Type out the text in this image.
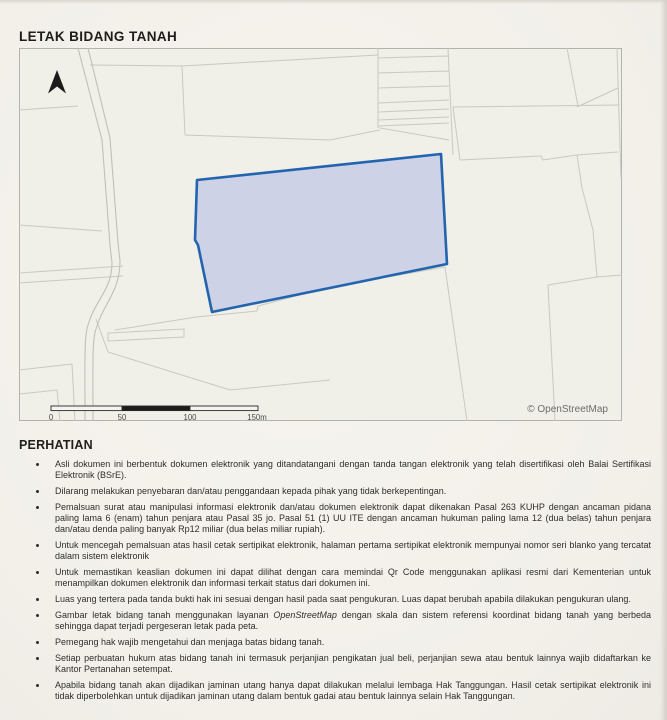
LETAK BIDANG TANAH
0	50	100	150m
© OpenStreetMap
PERHATIAN
Asli dokumen ini berbentuk dokumen elektronik yang ditandatangani dengan tanda tangan elektronik yang telah disertifikasi oleh Balai Sertifikasi Elektronik (BSrE).
Dilarang melakukan penyebaran dan/atau penggandaan kepada pihak yang tidak berkepentingan.
Pemalsuan surat atau manipulasi informasi elektronik dan/atau dokumen elektronik dapat dikenakan Pasal 263 KUHP dengan ancaman pidana paling lama 6 (enam) tahun penjara atau Pasal 35 jo. Pasal 51 (1) UU ITE dengan ancaman hukuman paling lama 12 (dua belas) tahun penjara dan/atau denda paling banyak Rp12 miliar (dua belas miliar rupiah).
Untuk mencegah pemalsuan atas hasil cetak sertipikat elektronik, halaman pertama sertipikat elektronik mempunyai nomor seri blanko yang tercatat dalam sistem elektronik
Untuk memastikan keaslian dokumen ini dapat dilihat dengan cara memindai Qr Code menggunakan aplikasi resmi dari Kementerian untuk menampilkan dokumen elektronik dan informasi terkait status dari dokumen ini.
Luas yang tertera pada tanda bukti hak ini sesuai dengan hasil pada saat pengukuran. Luas dapat berubah apabila dilakukan pengukuran ulang.
Gambar letak bidang tanah menggunakan layanan OpenStreetMap dengan skala dan sistem referensi koordinat bidang tanah yang berbeda sehingga dapat terjadi pergeseran letak pada peta.
Pemegang hak wajib mengetahui dan menjaga batas bidang tanah.
Setiap perbuatan hukum atas bidang tanah ini termasuk perjanjian pengikatan jual beli, perjanjian sewa atau bentuk lainnya wajib didaftarkan ke Kantor Pertanahan setempat.
Apabila bidang tanah akan dijadikan jaminan utang hanya dapat dilakukan melalui lembaga Hak Tanggungan. Hasil cetak sertipikat elektronik ini tidak diperbolehkan untuk dijadikan jaminan utang dalam bentuk gadai atau bentuk lainnya selain Hak Tanggungan.
